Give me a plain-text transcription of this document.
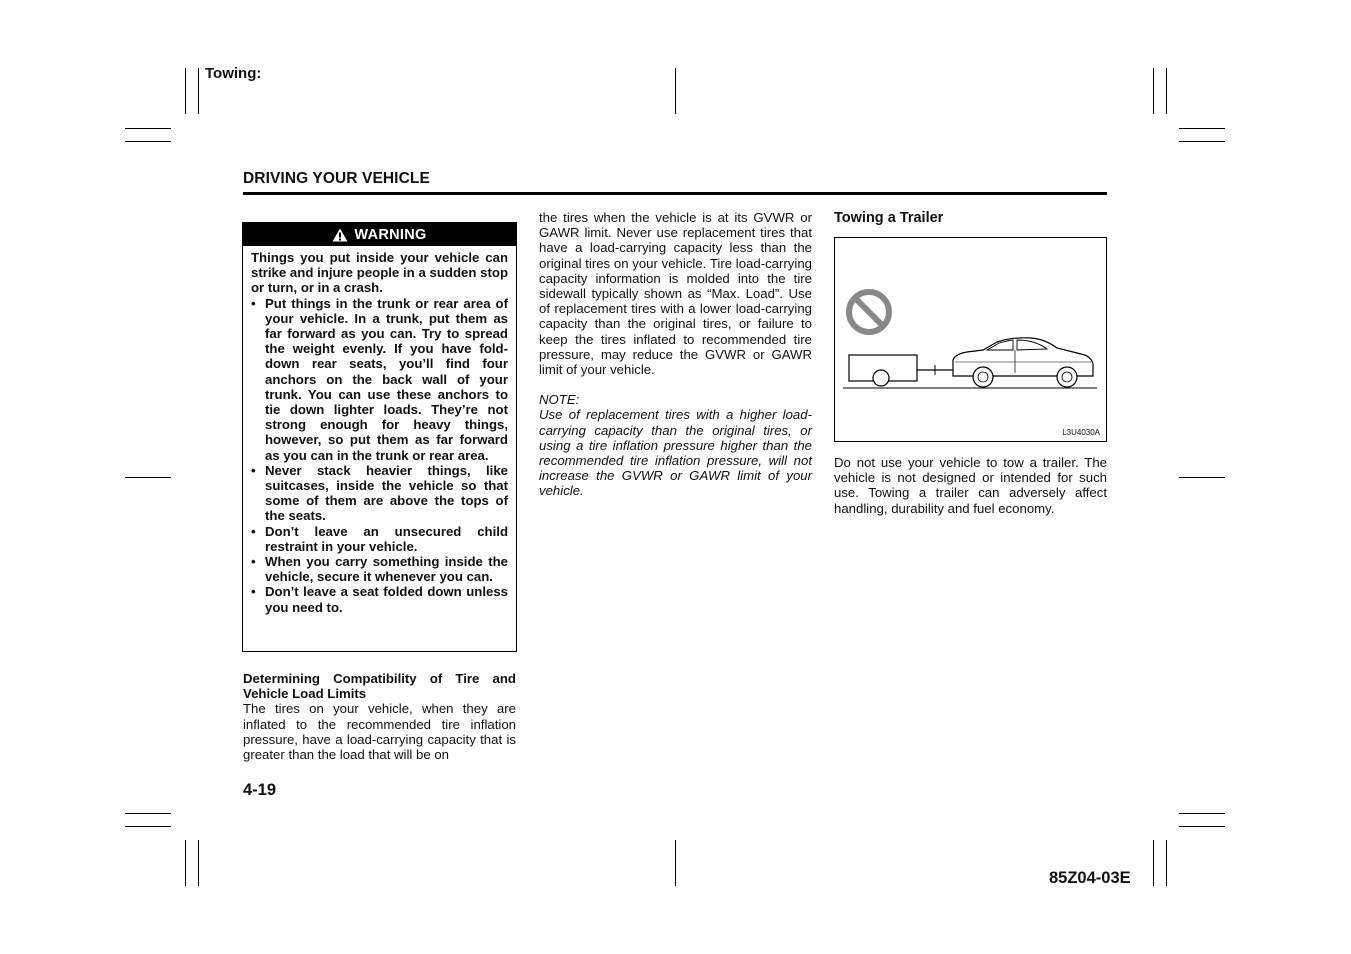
Towing:
DRIVING YOUR VEHICLE
WARNING

Things you put inside your vehicle can strike and injure people in a sudden stop or turn, or in a crash.

• Put things in the trunk or rear area of your vehicle. In a trunk, put them as far forward as you can. Try to spread the weight evenly. If you have fold-down rear seats, you’ll find four anchors on the back wall of your trunk. You can use these anchors to tie down lighter loads. They’re not strong enough for heavy things, however, so put them as far forward as you can in the trunk or rear area.
• Never stack heavier things, like suitcases, inside the vehicle so that some of them are above the tops of the seats.
• Don’t leave an unsecured child restraint in your vehicle.
• When you carry something inside the vehicle, secure it whenever you can.
• Don’t leave a seat folded down unless you need to.

Determining Compatibility of Tire and Vehicle Load Limits

The tires on your vehicle, when they are inflated to the recommended tire inflation pressure, have a load-carrying capacity that is greater than the load that will be on

the tires when the vehicle is at its GVWR or GAWR limit. Never use replacement tires that have a load-carrying capacity less than the original tires on your vehicle. Tire load-carrying capacity information is molded into the tire sidewall typically shown as “Max. Load”. Use of replacement tires with a lower load-carrying capacity than the original tires, or failure to keep the tires inflated to recommended tire pressure, may reduce the GVWR or GAWR limit of your vehicle.

NOTE:

Use of replacement tires with a higher load-carrying capacity than the original tires, or using a tire inflation pressure higher than the recommended tire inflation pressure, will not increase the GVWR or GAWR limit of your vehicle.

Towing a Trailer
L3U4030A

Do not use your vehicle to tow a trailer. The vehicle is not designed or intended for such use. Towing a trailer can adversely affect handling, durability and fuel economy.

4-19
85Z04-03E
